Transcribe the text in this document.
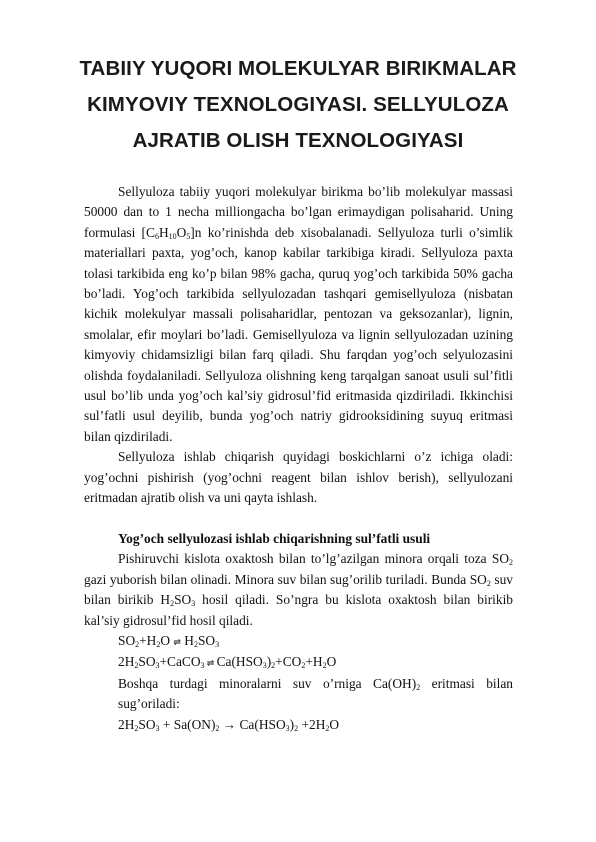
TABIIY YUQORI MOLEKULYAR BIRIKMALAR
KIMYOVIY TEXNOLOGIYASI. SELLYULOZA
AJRATIB OLISH TEXNOLOGIYASI

Sellyuloza tabiiy yuqori molekulyar birikma bo’lib molekulyar massasi 50000 dan to 1 necha milliongacha bo’lgan erimaydigan polisaharid. Uning formulasi $[C_6H_{10}O_5]n$ ko’rinishda deb xisobalanadi. Sellyuloza turli o’simlik materiallari paxta, yog’och, kanop kabilar tarkibiga kiradi. Sellyuloza paxta tolasi tarkibida eng ko’p bilan 98% gacha, quruq yog’och tarkibida 50% gacha bo’ladi. Yog’och tarkibida sellyulozadan tashqari gemisellyuloza (nisbatan kichik molekulyar massali polisaharidlar, pentozan va geksozanlar), lignin, smolalar, efir moylari bo’ladi. Gemisellyuloza va lignin sellyulozadan uzining kimyoviy chidamsizligi bilan farq qiladi. Shu farqdan yog’och selyulozasini olishda foydalaniladi. Sellyuloza olishning keng tarqalgan sanoat usuli sul’fitli usul bo’lib unda yog’och kal’siy gidrosul’fid eritmasida qizdiriladi. Ikkinchisi sul’fatli usul deyilib, bunda yog’och natriy gidrooksidining suyuq eritmasi bilan qizdiriladi.

Sellyuloza ishlab chiqarish quyidagi boskichlarni o’z ichiga oladi: yog’ochni pishirish (yog’ochni reagent bilan ishlov berish), sellyulozani eritmadan ajratib olish va uni qayta ishlash.

Yog’och sellyulozasi ishlab chiqarishning sul’fatli usuli

Pishiruvchi kislota oxaktosh bilan to’lg’azilgan minora orqali toza $SO_2$ gazi yuborish bilan olinadi. Minora suv bilan sug’orilib turiladi. Bunda $SO_2$ suv bilan birikib $H_2SO_3$ hosil qiladi. So’ngra bu kislota oxaktosh bilan birikib kal’siy gidrosul’fid hosil qiladi.

$SO_2+H_2O$ ⇌ $H_2SO_3$
$2H_2SO_3+CaCO_3$ ⇌ $Ca(HSO_3)_2+CO_2+H_2O$
Boshqa turdagi minoralarni suv o’rniga $Ca(OH)_2$ eritmasi bilan sug’oriladi:
$2H_2SO_3 + Sa(ON)_2 \to Ca(HSO_3)_2 +2H_2O$
